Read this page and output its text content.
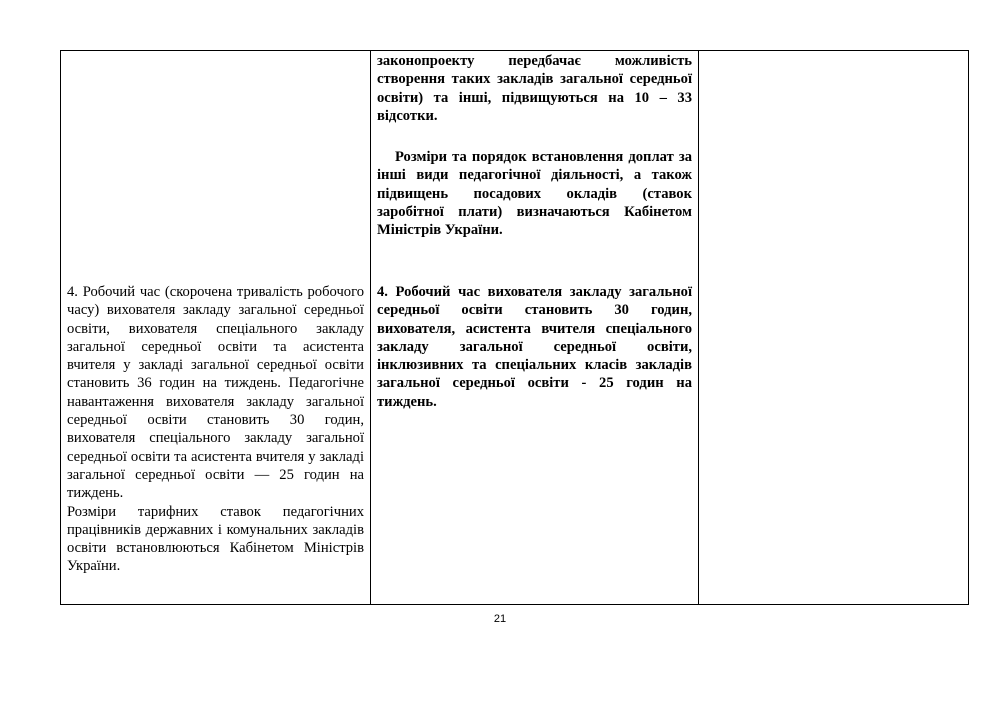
4. Робочий час (скорочена тривалість робочого часу) вихователя закладу загальної середньої освіти, вихователя спеціального закладу загальної середньої освіти та асистента вчителя у закладі загальної середньої освіти становить 36 годин на тиждень. Педагогічне навантаження вихователя закладу загальної середньої освіти становить 30 годин, вихователя спеціального закладу загальної середньої освіти та асистента вчителя у закладі загальної середньої освіти — 25 годин на тиждень.

Розміри тарифних ставок педагогічних працівників державних і комунальних закладів освіти встановлюються Кабінетом Міністрів України.

законопроекту передбачає можливість створення таких закладів загальної середньої освіти) та інші, підвищуються на 10 – 33 відсотки.
Розміри та порядок встановлення доплат за інші види педагогічної діяльності, а також підвищень посадових окладів (ставок заробітної плати) визначаються Кабінетом Міністрів України.
4. Робочий час вихователя закладу загальної середньої освіти становить 30 годин, вихователя, асистента вчителя спеціального закладу загальної середньої освіти, інклюзивних та спеціальних класів закладів загальної середньої освіти - 25 годин на тиждень.
21
